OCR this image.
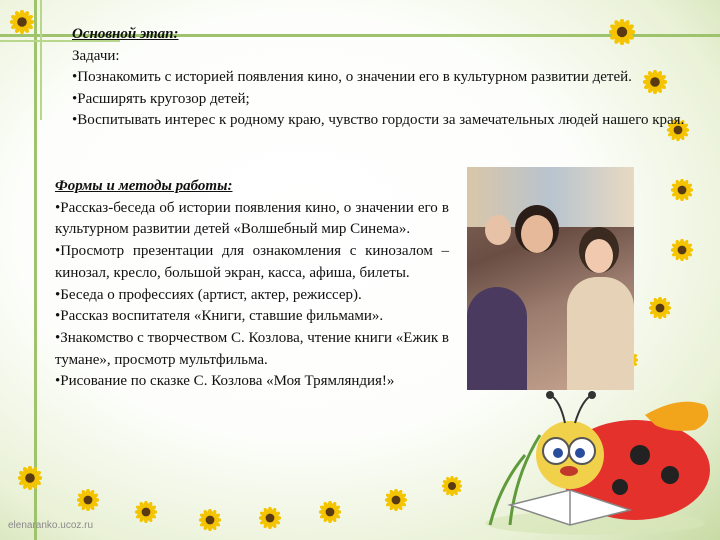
Основной этап:
Задачи:
•Познакомить с историей появления кино, о значении его в культурном развитии детей.
•Расширять кругозор детей;
•Воспитывать интерес к родному краю, чувство гордости за замечательных людей нашего края.
Формы и методы работы:
•Рассказ-беседа об истории появления кино, о значении его в культурном развитии детей «Волшебный мир Синема».
•Просмотр презентации для ознакомления с кинозалом – кинозал, кресло, большой экран, касса, афиша, билеты.
•Беседа о профессиях (артист, актер, режиссер).
•Рассказ воспитателя «Книги, ставшие фильмами».
•Знакомство с творчеством С. Козлова, чтение книги «Ежик в тумане», просмотр мультфильма.
•Рисование по сказке С. Козлова «Моя Трямляндия!»
elenaranko.ucoz.ru
